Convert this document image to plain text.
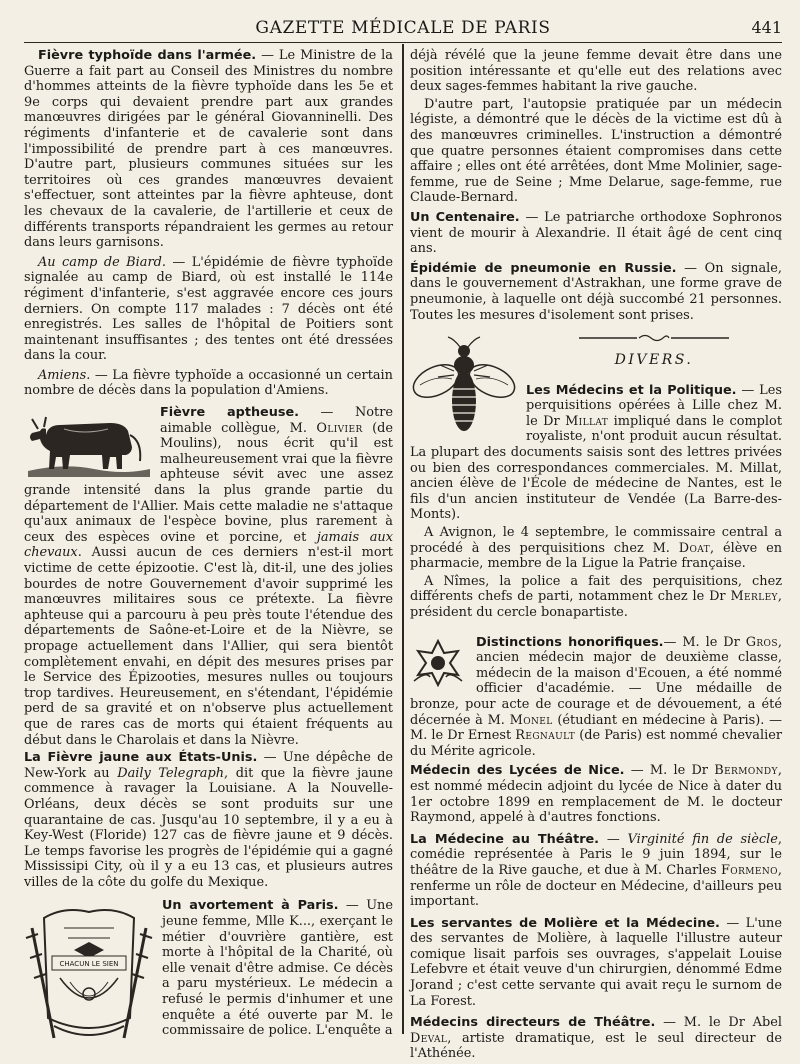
GAZETTE MÉDICALE DE PARIS	441

Fièvre typhoïde dans l'armée. — Le Ministre de la Guerre a fait part au Conseil des Ministres du nombre d'hommes atteints de la fièvre typhoïde dans les 5e et 9e corps qui devaient prendre part aux grandes manœuvres dirigées par le général Giovanninelli. Des régiments d'infanterie et de cavalerie sont dans l'impossibilité de prendre part à ces manœuvres. D'autre part, plusieurs communes situées sur les territoires où ces grandes manœuvres devaient s'effectuer, sont atteintes par la fièvre aphteuse, dont les chevaux de la cavalerie, de l'artillerie et ceux de différents transports répandraient les germes au retour dans leurs garnisons.

Au camp de Biard. — L'épidémie de fièvre typhoïde signalée au camp de Biard, où est installé le 114e régiment d'infanterie, s'est aggravée encore ces jours derniers. On compte 117 malades : 7 décès ont été enregistrés. Les salles de l'hôpital de Poitiers sont maintenant insuffisantes ; des tentes ont été dressées dans la cour.

Amiens. — La fièvre typhoïde a occasionné un certain nombre de décès dans la population d'Amiens.

Fièvre aptheuse. — Notre aimable collègue, M. Olivier (de Moulins), nous écrit qu'il est malheureusement vrai que la fièvre aphteuse sévit avec une assez grande intensité dans la plus grande partie du département de l'Allier. Mais cette maladie ne s'attaque qu'aux animaux de l'espèce bovine, plus rarement à ceux des espèces ovine et porcine, et jamais aux chevaux. Aussi aucun de ces derniers n'est-il mort victime de cette épizootie. C'est là, dit-il, une des jolies bourdes de notre Gouvernement d'avoir supprimé les manœuvres militaires sous ce prétexte. La fièvre aphteuse qui a parcouru à peu près toute l'étendue des départements de Saône-et-Loire et de la Nièvre, se propage actuellement dans l'Allier, qui sera bientôt complètement envahi, en dépit des mesures prises par le Service des Épizooties, mesures nulles ou toujours trop tardives. Heureusement, en s'étendant, l'épidémie perd de sa gravité et on n'observe plus actuellement que de rares cas de morts qui étaient fréquents au début dans le Charolais et dans la Nièvre.

La Fièvre jaune aux États-Unis. — Une dépêche de New-York au Daily Telegraph, dit que la fièvre jaune commence à ravager la Louisiane. A la Nouvelle-Orléans, deux décès se sont produits sur une quarantaine de cas. Jusqu'au 10 septembre, il y a eu à Key-West (Floride) 127 cas de fièvre jaune et 9 décès. Le temps favorise les progrès de l'épidémie qui a gagné Mississipi City, où il y a eu 13 cas, et plusieurs autres villes de la côte du golfe du Mexique.

CHACUN LE SIEN
Un avortement à Paris. — Une jeune femme, Mlle K..., exerçant le métier d'ouvrière gantière, est morte à l'hôpital de la Charité, où elle venait d'être admise. Ce décès a paru mystérieux. Le médecin a refusé le permis d'inhumer et une enquête a été ouverte par M. le commissaire de police. L'enquête a

déjà révélé que la jeune femme devait être dans une position intéressante et qu'elle eut des relations avec deux sages-femmes habitant la rive gauche.

D'autre part, l'autopsie pratiquée par un médecin légiste, a démontré que le décès de la victime est dû à des manœuvres criminelles. L'instruction a démontré que quatre personnes étaient compromises dans cette affaire ; elles ont été arrêtées, dont Mme Molinier, sage-femme, rue de Seine ; Mme Delarue, sage-femme, rue Claude-Bernard.

Un Centenaire. — Le patriarche orthodoxe Sophronos vient de mourir à Alexandrie. Il était âgé de cent cinq ans.

Épidémie de pneumonie en Russie. — On signale, dans le gouvernement d'Astrakhan, une forme grave de pneumonie, à laquelle ont déjà succombé 21 personnes. Toutes les mesures d'isolement sont prises.

DIVERS.

Les Médecins et la Politique. — Les perquisitions opérées à Lille chez M. le Dr Millat impliqué dans le complot royaliste, n'ont produit aucun résultat. La plupart des documents saisis sont des lettres privées ou bien des correspondances commerciales. M. Millat, ancien élève de l'École de médecine de Nantes, est le fils d'un ancien instituteur de Vendée (La Barre-des-Monts).

A Avignon, le 4 septembre, le commissaire central a procédé à des perquisitions chez M. Doat, élève en pharmacie, membre de la Ligue la Patrie française.

A Nîmes, la police a fait des perquisitions, chez différents chefs de parti, notamment chez le Dr Merley, président du cercle bonapartiste.

Distinctions honorifiques.— M. le Dr Gros, ancien médecin major de deuxième classe, médecin de la maison d'Ecouen, a été nommé officier d'académie. — Une médaille de bronze, pour acte de courage et de dévouement, a été décernée à M. Monel (étudiant en médecine à Paris). — M. le Dr Ernest Regnault (de Paris) est nommé chevalier du Mérite agricole.

Médecin des Lycées de Nice. — M. le Dr Bermondy, est nommé médecin adjoint du lycée de Nice à dater du 1er octobre 1899 en remplacement de M. le docteur Raymond, appelé à d'autres fonctions.

La Médecine au Théâtre. — Virginité fin de siècle, comédie représentée à Paris le 9 juin 1894, sur le théâtre de la Rive gauche, et due à M. Charles Formeno, renferme un rôle de docteur en Médecine, d'ailleurs peu important.

Les servantes de Molière et la Médecine. — L'une des servantes de Molière, à laquelle l'illustre auteur comique lisait parfois ses ouvrages, s'appelait Louise Lefebvre et était veuve d'un chirurgien, dénommé Edme Jorand ; c'est cette servante qui avait reçu le surnom de La Forest.

Médecins directeurs de Théâtre. — M. le Dr Abel Deval, artiste dramatique, est le seul directeur de l'Athénée.
